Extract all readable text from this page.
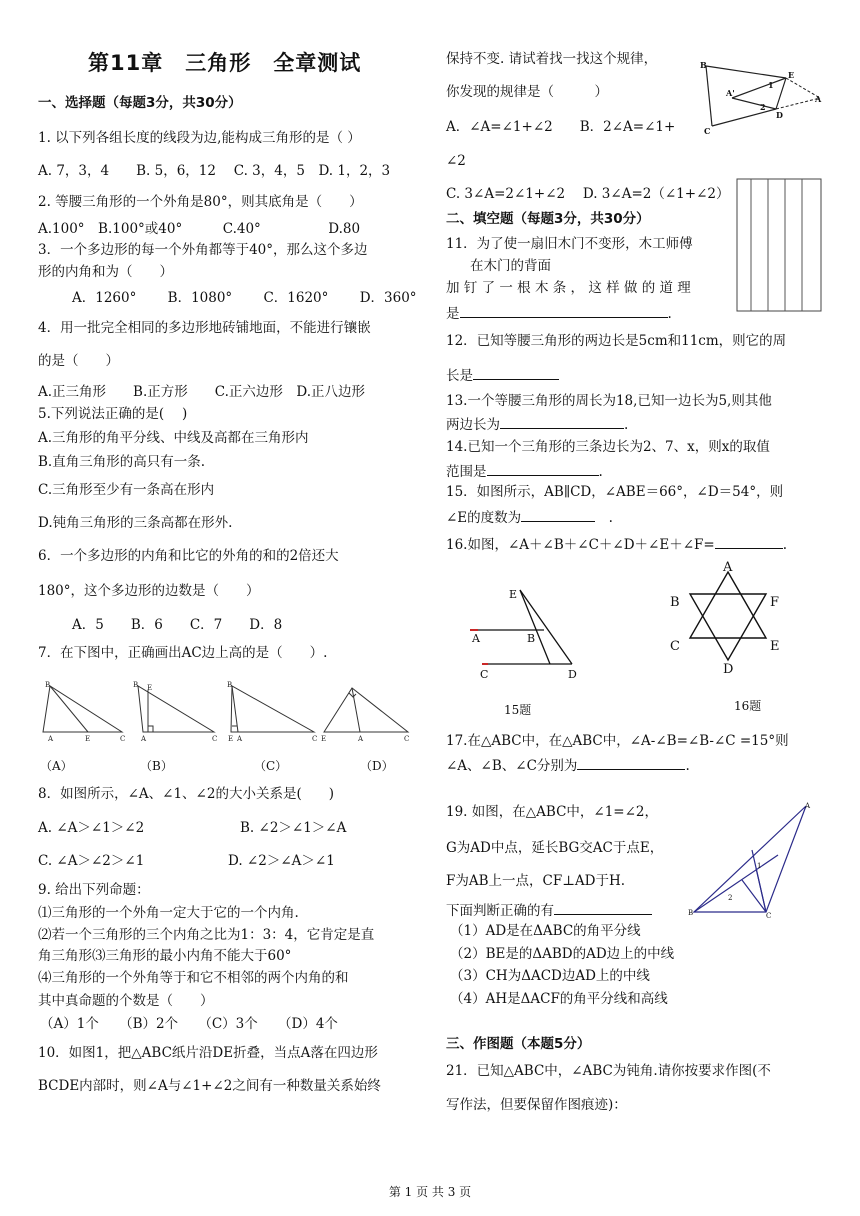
第11章　三角形　全章测试
一、选择题（每题3分，共30分）
1. 以下列各组长度的线段为边,能构成三角形的是（ ）
A. 7，3，4　　B. 5，6，12　 C. 3，4，5　D. 1，2，3
2. 等腰三角形的一个外角是80°，则其底角是（　　）
A.100°　B.100°或40°　　　C.40°　　　　　D.80
3．一个多边形的每一个外角都等于40°，那么这个多边
形的内角和为（　　）
A．1260°　　 B．1080°　　 C．1620°　　 D．360°
4．用一批完全相同的多边形地砖铺地面，不能进行镶嵌
的是（　　）
A.正三角形　　B.正方形　　C.正六边形　D.正八边形
5.下列说法正确的是(　 )
A.三角形的角平分线、中线及高都在三角形内
B.直角三角形的高只有一条.
C.三角形至少有一条高在形内
D.钝角三角形的三条高都在形外.
6．一个多边形的内角和比它的外角的和的2倍还大
180°，这个多边形的边数是（　　）
A．5　　B．6　　C．7　　D．8
7．在下图中，正确画出AC边上高的是（　　）.
B
A	E	C
B E
A	C
B
E A	C E	A	C
（A）	（B）	（C）	（D）
8．如图所示，∠A、∠1、∠2的大小关系是(　　)
A. ∠A＞∠1＞∠2	B. ∠2＞∠1＞∠A
C. ∠A＞∠2＞∠1	D. ∠2＞∠A＞∠1
9. 给出下列命题：
⑴三角形的一个外角一定大于它的一个内角.
⑵若一个三角形的三个内角之比为1：3：4，它肯定是直
角三角形⑶三角形的最小内角不能大于60°
⑷三角形的一个外角等于和它不相邻的两个内角的和
其中真命题的个数是（　　）
（A）1个　　（B）2个　　（C）3个　　（D）4个
10．如图1，把△ABC纸片沿DE折叠，当点A落在四边形
BCDE内部时，则∠A与∠1+∠2之间有一种数量关系始终
保持不变. 请试着找一找这个规律，
你发现的规律是（　　　）
B
C
E
D
A'
A
1
2
A．∠A=∠1+∠2　　B．2∠A=∠1+
∠2
C. 3∠A=2∠1+∠2　 D. 3∠A=2（∠1+∠2）
二、填空题（每题3分，共30分）
11．为了使一扇旧木门不变形，木工师傅
在木门的背面
加 钉 了 一 根 木 条 ， 这 样 做 的 道 理
是	.
12．已知等腰三角形的两边长是5cm和11cm，则它的周
长是
13.一个等腰三角形的周长为18,已知一边长为5,则其他
两边长为	.
14.已知一个三角形的三条边长为2、7、x，则x的取值
范围是	.
15．如图所示，AB∥CD，∠ABE＝66°，∠D＝54°，则
∠E的度数为	　.
16.如图，∠A＋∠B＋∠C＋∠D＋∠E＋∠F=	.
E
A	B
C	D
15题
A
B	F
C	E
D
16题
17.在△ABC中，在△ABC中，∠A-∠B=∠B-∠C =15°则
∠A、∠B、∠C分别为	.
19. 如图，在△ABC中，∠1=∠2，
G为AD中点，延长BG交AC于点E，
F为AB上一点，CF⊥AD于H.
下面判断正确的有
（1）AD是在ΔABC的角平分线
（2）BE是的ΔABD的AD边上的中线
（3）CH为ΔACD边AD上的中线
（4）AH是ΔACF的角平分线和高线
A
B	C
1
2
三、作图题（本题5分）
21．已知△ABC中，∠ABC为钝角.请你按要求作图(不
写作法，但要保留作图痕迹)：
第 1 页 共 3 页
